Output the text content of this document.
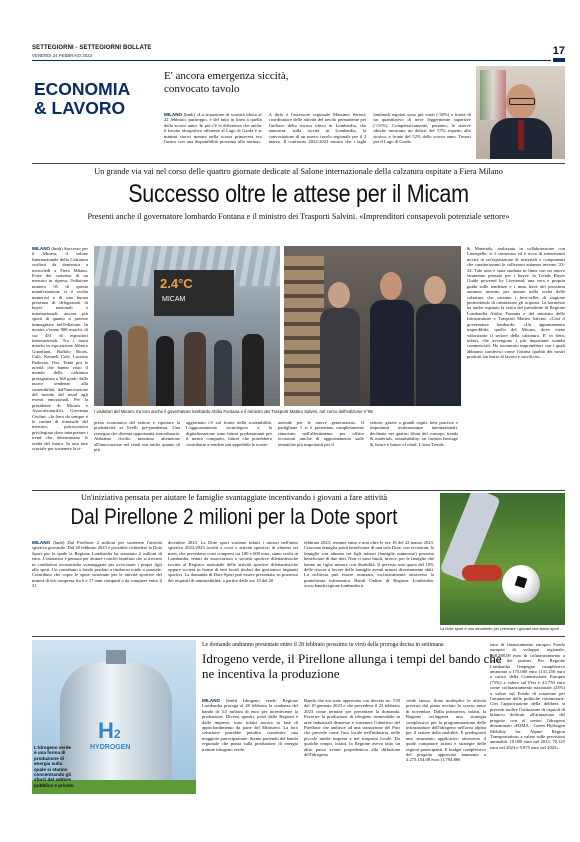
SETTEGIORNI - SETTEGIORNI BOLLATE
VENERDI 24 FEBBRAIO 2023	17
ECONOMIA
& LAVORO
E' ancora emergenza siccità, convocato tavolo

MILANO (bmh) «La situazione di scarsità idrica al 22 febbraio, purtroppo, è del tutto in linea a quella dello scorso anno. In più c'è la differenza che anche il bacino idrografico afferente al Lago di Garda è ai minimi storici mentre nella scorsa primavera era l'unico con una disponibilità prossima alla norma». A dirlo è l'assessore regionale Massimo Sertori, coordinatore delle attività del tavolo permanente per l'utilizzo della risorsa idrica in Lombardia, che annuncia, sulla siccità in Lombardia, la convocazione di un nuovo tavolo regionale per il 2 marzo. Il confronto 2022-2023 mostra che i laghi lombardi regolati sono più vuoti (-30%) a fronte di un quantitativo di neve leggermente superiore (+31%). Complessivamente, pertanto, le riserve idriche mostrano un deficit del 57% rispetto allo storico, a fronte del 52% dello scorso anno. Timori per il Lago di Garda.

Un grande via vai nel corso delle quattro giornate dedicate al Salone internazionale della calzatura ospitate a Fiera Milano
Successo oltre le attese per il Micam
Presenti anche il governatore lombardo Fontana e il ministro dei Trasporti Salvini. «Imprenditori consapevoli potenziale settore»

MILANO (bmh) Successo per il Micam, il salone Internazionale della Calzatura svoltosi da domenica a mercoledì a Fiera Milano. Forte dei consensi di un mercato in ripresa, l'edizione numero 95 di questa manifestazione si è svolta numerosi e di una buona presenza di delegazioni di buyer nazionali e internazionali: ancora più sporti di quanto si potesse immaginare nell'edizione. In mostra c'erano 908 marchi, di cui 451 di espositori internazionali. Tra i nomi marchi in esposizione Alberto Guardiani, Buffalo Boots, Calò, Kennelt Cole, Luciano Padovan, Oxs. Tante poi le novità che hanno visto il mondo della calzatura protagonista a 360 gradi: dalle nuove tendenze alla sostenibilità, dall'innovazione del mondo del retail agli eventi emozionali. Per la presidente di Micam e Assocalzaturifici, Giovanna Ceolini: «la fiera da sempre è la cartina di tornasole del mercato, palcoscenico privilegiato dove interpretare i trend che determinano le realtà del futuro. In una fase cruciale per sostenere la ri-

2.4°C
MICAM
I visitatori del Micam, tra loro anche il governatore lombardo Attilio Fontana e il ministro dei Trasporti Matteo Salvini, nel corso dell'edizione n°95
presa economica del settore e riportare la produttività ai livelli pre-pandemia. Una rassegna che diventa opportunità straordinaria. Abbiamo rivolto massima attenzione all'innovazione nel retail ma anche quanto di più
aggiornato c'è sul fronte della sostenibilità. L'aggiornamento tecnologico e la digitalizzazione sono fattori predominanti per il nostro comparto, fattori che potrebbero contribuire a rendere più appetibile le nostre
aziende per le nuove generazioni». Il padiglione 1 si è presentato completamente rinnovato nell'allestimento per offrire occasioni uniche di aggiornamento sulle tematiche più importanti per il
settore, grazie a grandi ospiti, best practice e importanti testimonianze internazionali, declinate nei quattro filoni del concept: trends & materials, sustainability, art fashion heritage & future e future of retail. L'area Trends
& Materials, realizzata in collaborazione con Lineapelle, si è rinnovata ed è ricca di interessanti novità in un'esposizione di materiali e componenti che caratterizzano le collezioni autunno inverno '23-24. Tale area è stata studiata in linea con un nuovo strumento pensato per i buyer: la Trends Buyer Guide powered by Livetrend, una vera e propria guida sulle tendenze e i must have del prossimo autunno inverno per aiutare nella scelta delle calzature che saranno i best-seller di stagione permettendo di ottimizzare gli acquisti. La kermesse ha anche ospitato la visita del presidente di Regione Lombardia Attilio Fontana e del ministro delle Infrastrutture e Trasporti Matteo Salvini. «Così il governatore lombardo: «Un appuntamento imperdibile, quello del Micam, dove viene valorizzato il settore della calzatura. E' in fiera, infatti, che avvengono i più importanti scambi commerciali. Ho incontrato imprenditori con i quali abbiamo condiviso come l'ottima qualità dei nostri prodotti sia frutto di lavoro e sacrificio».
Un'iniziativa pensata per aiutare le famiglie svantaggiate incentivando i giovani a fare attività
Dal Pirellone 2 milioni per la Dote sport

MILANO (bmh) Dal Pirellone 2 milioni per sostenere l'attività sportiva giovanile. Dal 20 febbraio 2023 è possibile richiedere la Dote Sport per la quale la Regione Lombardia ha stanziato 2 milioni di euro. L'iniziativa è pensata per aiutare i nuclei familiari che si trovano in condizioni economiche svantaggiate per avvicinare i propri figli allo sport. Un contributo a fondo perduto a rimborso totale o parziale. Contributo che copre le spese sostenute per le attività sportive dei minori di età compresa fra 6 e 17 anni compiuti o da compiere entro il 31

dicembre 2023. La Dote sport sostiene infatti i minori nell'anno sportivo 2022/2023 iscritti a corsi o attività sportive, di almeno sei mesi, che prevedano costi compresi tra 100 e 600 euro, siano svolti in Lombardia, tenuti da associazioni o società sportive dilettantistiche iscritte al Registro nazionale delle attività sportive dilettantistiche oppure società in house di enti locali titolari dei gestionico impianti sportivi. La domanda di Dote Sport può essere presentata, in possesso dei requisiti di ammissibilità, a partire dalle ore 10 del 20
febbraio 2023; termine entro e non oltre le ore 16 del 22 marzo 2023. Ciascuna famiglia potrà beneficiare di una sola Dote, con eccezioni: le famiglie con almeno tre figli minori (famiglie numerose) possono beneficiare di due doti. Non ci sono limiti, invece, per le famiglie che hanno un figlio minore con disabilità. Il previsto una quota del 10% delle risorse a favore delle famiglie aventi minori diversamente abili. La richiesta può essere avanzata, esclusivamente attraverso la piattaforma informatica Bandi Online di Regione Lombardia: www.bandi.regione.lombardia.it.
La Dote sport è uno strumento per premiare i giovani che fanno sport
H2
HYDROGEN
L'idrogeno verde è una forma di produzione di energia sulla quale si stanno concentrando gli sforzi del settore pubblico e privato
Le domande andranno presentate entro il 28 febbraio prossimo in virtù della proroga decisa in settimana
Idrogeno verde, il Pirellone allunga i tempi del bando che ne incentiva la produzione

MILANO (bmh) Idrogeno verde, Regione Lombardia proroga al 28 febbraio la scadenza del bando di 3,5 milioni di euro per incentivarne la produzione. Diversi quesiti, posti dalle Regioni e dalle imprese, sono infatti ancora in fase di approfondimento da parte del Ministero. La loro soluzione potrebbe peraltro consentire una maggiore partecipazione. Siamo partendo del bando regionale che punta sulla produzione di energia tramite idrogeno verde.

Bando che era stato approvato con decreto no. 539 del 19 gennaio 2023 e che prevedeva il 23 febbraio 2023 come termine per presentare la domanda. Favorire la produzione di idrogeno rinnovabile in aree industriali dismesse e sostenere l'obiettivo del Pirellone che ambisce ad una transizione del Pnrr che prevede come l'uso locale nell'industria, nelle piccole medie imprese e nel trasporto locale. Da qualche tempo, infatti, la Regione aveva fatto un altro passo avanti propedeutico alla diffusione dell'idrogeno
verde stesso. Sono molteplici le attività previste dal piano avviato lo scorso mese di novembre. Dalla primavera, infatti, la Regione svilupperà una strategia complessiva per la programmazione delle infrastrutture dell'idrogeno nell'area alpina per il settore della mobilità. E predisporrà uno strumento applicativo attraverso il quale comparare azioni e strategie delle regioni partecipanti. Il budget complessivo del progetto approvato ammonta a 2.273.154,08 euro (1.704.866
euro di finanziamento europeo Fondo europeo di sviluppo regionale: 568.288,08 euro di cofinanziamento a carico dei partner. Per Regione Lombardia l'impegno complessivo ammonta a 175.000 euro (131.250 euro a carico della Commissione Europea (75%) a valere sul Fesr e 43.750 euro come cofinanziamento nazionale (25%) a valere sul Fondo di rotazione per l'attuazione delle politiche comunitarie. Con l'approvazione della delibera si prevede inoltre l'istituzione di capitoli di bilancio dedicati all'attuazione del progetto con al centro l'idrogeno denominato «H2MA - Green Hydrogen Mobility for Alpine Region Transportation» a valere sulle previsioni annualità: 10.000 euro nel 2023, 70.125 euro nel 2024 e 9.875 euro nel 2025».
